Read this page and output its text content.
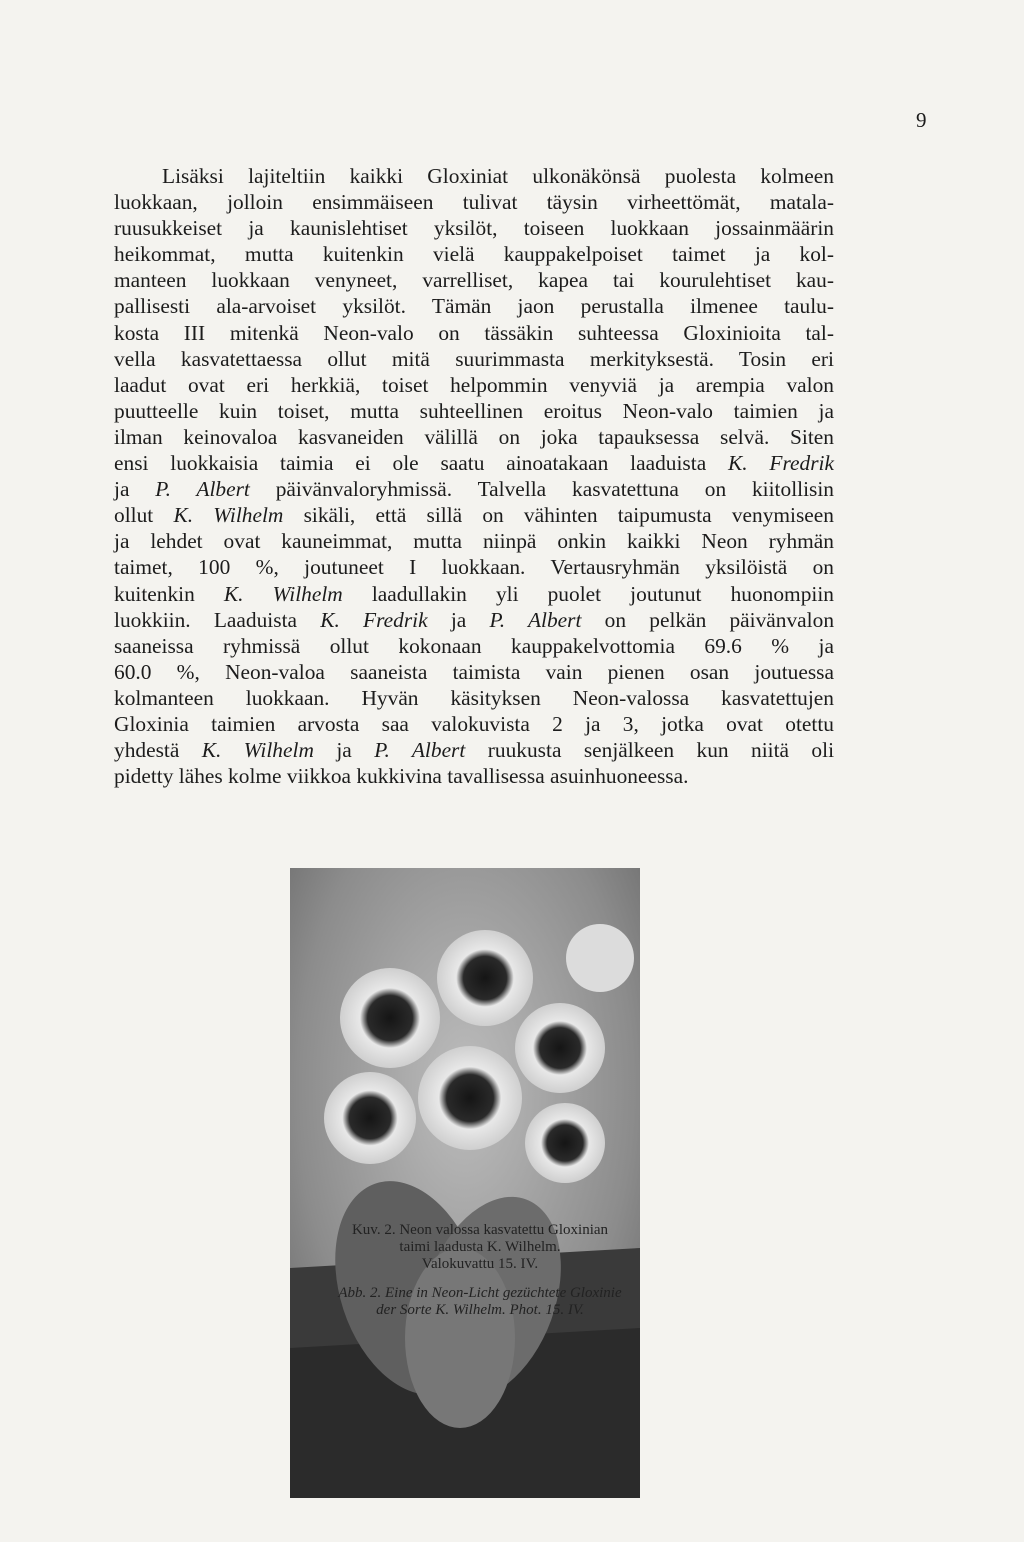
9
Lisäksi lajiteltiin kaikki Gloxiniat ulkonäkönsä puolesta kolmeen
luokkaan, jolloin ensimmäiseen tulivat täysin virheettömät, matala-
ruusukkeiset ja kaunislehtiset yksilöt, toiseen luokkaan jossainmäärin
heikommat, mutta kuitenkin vielä kauppakelpoiset taimet ja kol-
manteen luokkaan venyneet, varrelliset, kapea tai kourulehtiset kau-
pallisesti ala-arvoiset yksilöt. Tämän jaon perustalla ilmenee taulu-
kosta III mitenkä Neon-valo on tässäkin suhteessa Gloxinioita tal-
vella kasvatettaessa ollut mitä suurimmasta merkityksestä. Tosin eri
laadut ovat eri herkkiä, toiset helpommin venyviä ja arempia valon
puutteelle kuin toiset, mutta suhteellinen eroitus Neon-valo taimien ja
ilman keinovaloa kasvaneiden välillä on joka tapauksessa selvä. Siten
ensi luokkaisia taimia ei ole saatu ainoatakaan laaduista K. Fredrik
ja P. Albert päivänvaloryhmissä. Talvella kasvatettuna on kiitollisin
ollut K. Wilhelm sikäli, että sillä on vähinten taipumusta venymiseen
ja lehdet ovat kauneimmat, mutta niinpä onkin kaikki Neon ryhmän
taimet, 100 %, joutuneet I luokkaan. Vertausryhmän yksilöistä on
kuitenkin K. Wilhelm laadullakin yli puolet joutunut huonompiin
luokkiin. Laaduista K. Fredrik ja P. Albert on pelkän päivänvalon
saaneissa ryhmissä ollut kokonaan kauppakelvottomia 69.6 % ja
60.0 %, Neon-valoa saaneista taimista vain pienen osan joutuessa
kolmanteen luokkaan. Hyvän käsityksen Neon-valossa kasvatettujen
Gloxinia taimien arvosta saa valokuvista 2 ja 3, jotka ovat otettu
yhdestä K. Wilhelm ja P. Albert ruukusta senjälkeen kun niitä oli
pidetty lähes kolme viikkoa kukkivina tavallisessa asuinhuoneessa.
Kuv. 2. Neon valossa kasvatettu Gloxinian
taimi laadusta K. Wilhelm.
Valokuvattu 15. IV.
Abb. 2. Eine in Neon-Licht gezüchtete Gloxinie
der Sorte K. Wilhelm. Phot. 15. IV.
